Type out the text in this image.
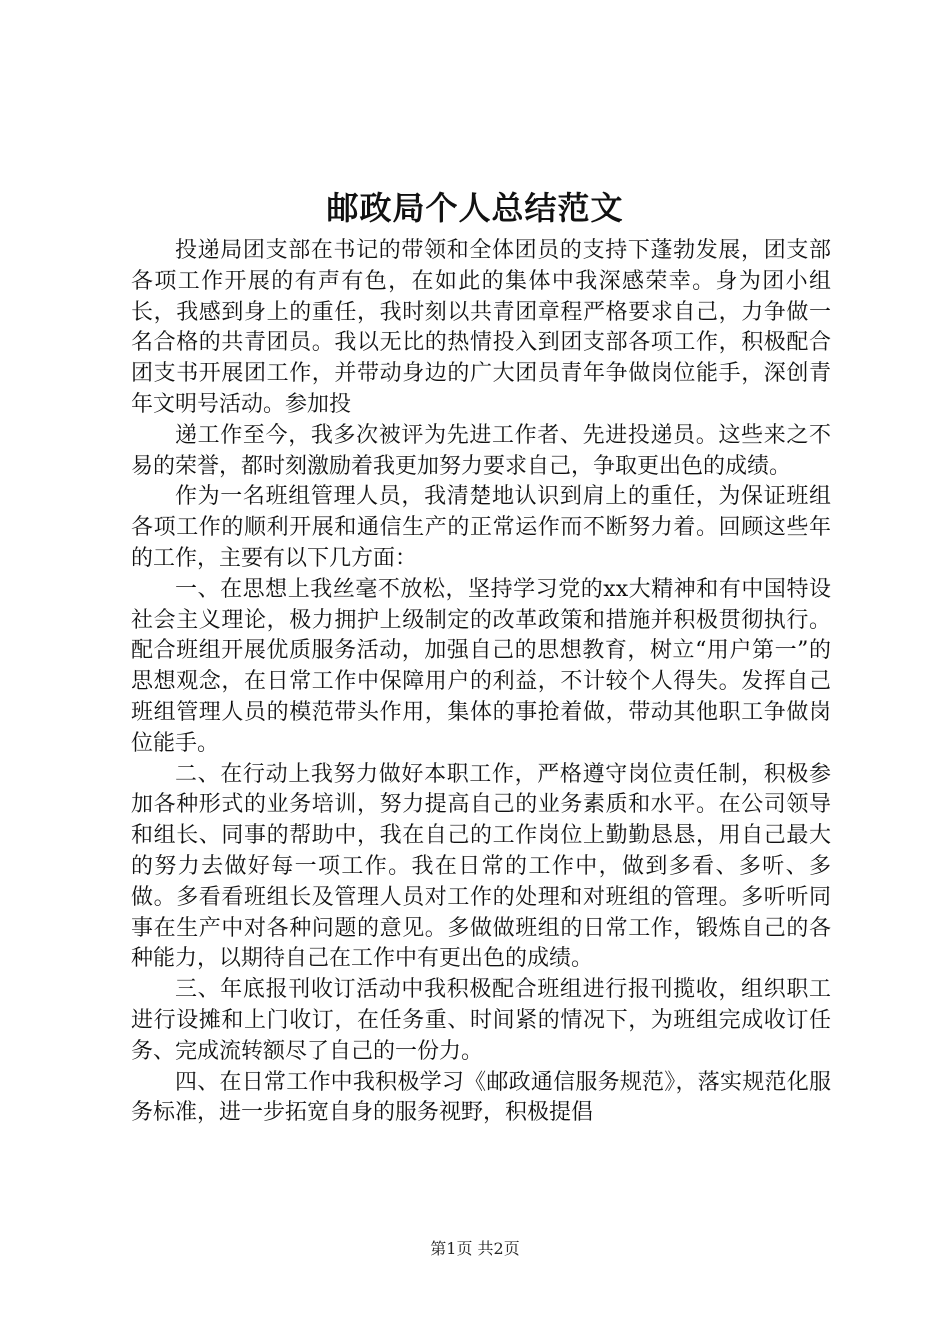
邮政局个人总结范文

投递局团支部在书记的带领和全体团员的支持下蓬勃发展，团支部各项工作开展的有声有色，在如此的集体中我深感荣幸。身为团小组长，我感到身上的重任，我时刻以共青团章程严格要求自己，力争做一名合格的共青团员。我以无比的热情投入到团支部各项工作，积极配合团支书开展团工作，并带动身边的广大团员青年争做岗位能手，深创青年文明号活动。参加投

递工作至今，我多次被评为先进工作者、先进投递员。这些来之不易的荣誉，都时刻激励着我更加努力要求自己，争取更出色的成绩。

作为一名班组管理人员，我清楚地认识到肩上的重任，为保证班组各项工作的顺利开展和通信生产的正常运作而不断努力着。回顾这些年的工作，主要有以下几方面：

一、在思想上我丝毫不放松，坚持学习党的xx大精神和有中国特设社会主义理论，极力拥护上级制定的改革政策和措施并积极贯彻执行。配合班组开展优质服务活动，加强自己的思想教育，树立“用户第一”的思想观念，在日常工作中保障用户的利益，不计较个人得失。发挥自己班组管理人员的模范带头作用，集体的事抢着做，带动其他职工争做岗位能手。

二、在行动上我努力做好本职工作，严格遵守岗位责任制，积极参加各种形式的业务培训，努力提高自己的业务素质和水平。在公司领导和组长、同事的帮助中，我在自己的工作岗位上勤勤恳恳，用自己最大的努力去做好每一项工作。我在日常的工作中，做到多看、多听、多做。多看看班组长及管理人员对工作的处理和对班组的管理。多听听同事在生产中对各种问题的意见。多做做班组的日常工作，锻炼自己的各种能力，以期待自己在工作中有更出色的成绩。

三、年底报刊收订活动中我积极配合班组进行报刊揽收，组织职工进行设摊和上门收订，在任务重、时间紧的情况下，为班组完成收订任务、完成流转额尽了自己的一份力。

四、在日常工作中我积极学习《邮政通信服务规范》，落实规范化服务标准，进一步拓宽自身的服务视野，积极提倡

第1页 共2页
